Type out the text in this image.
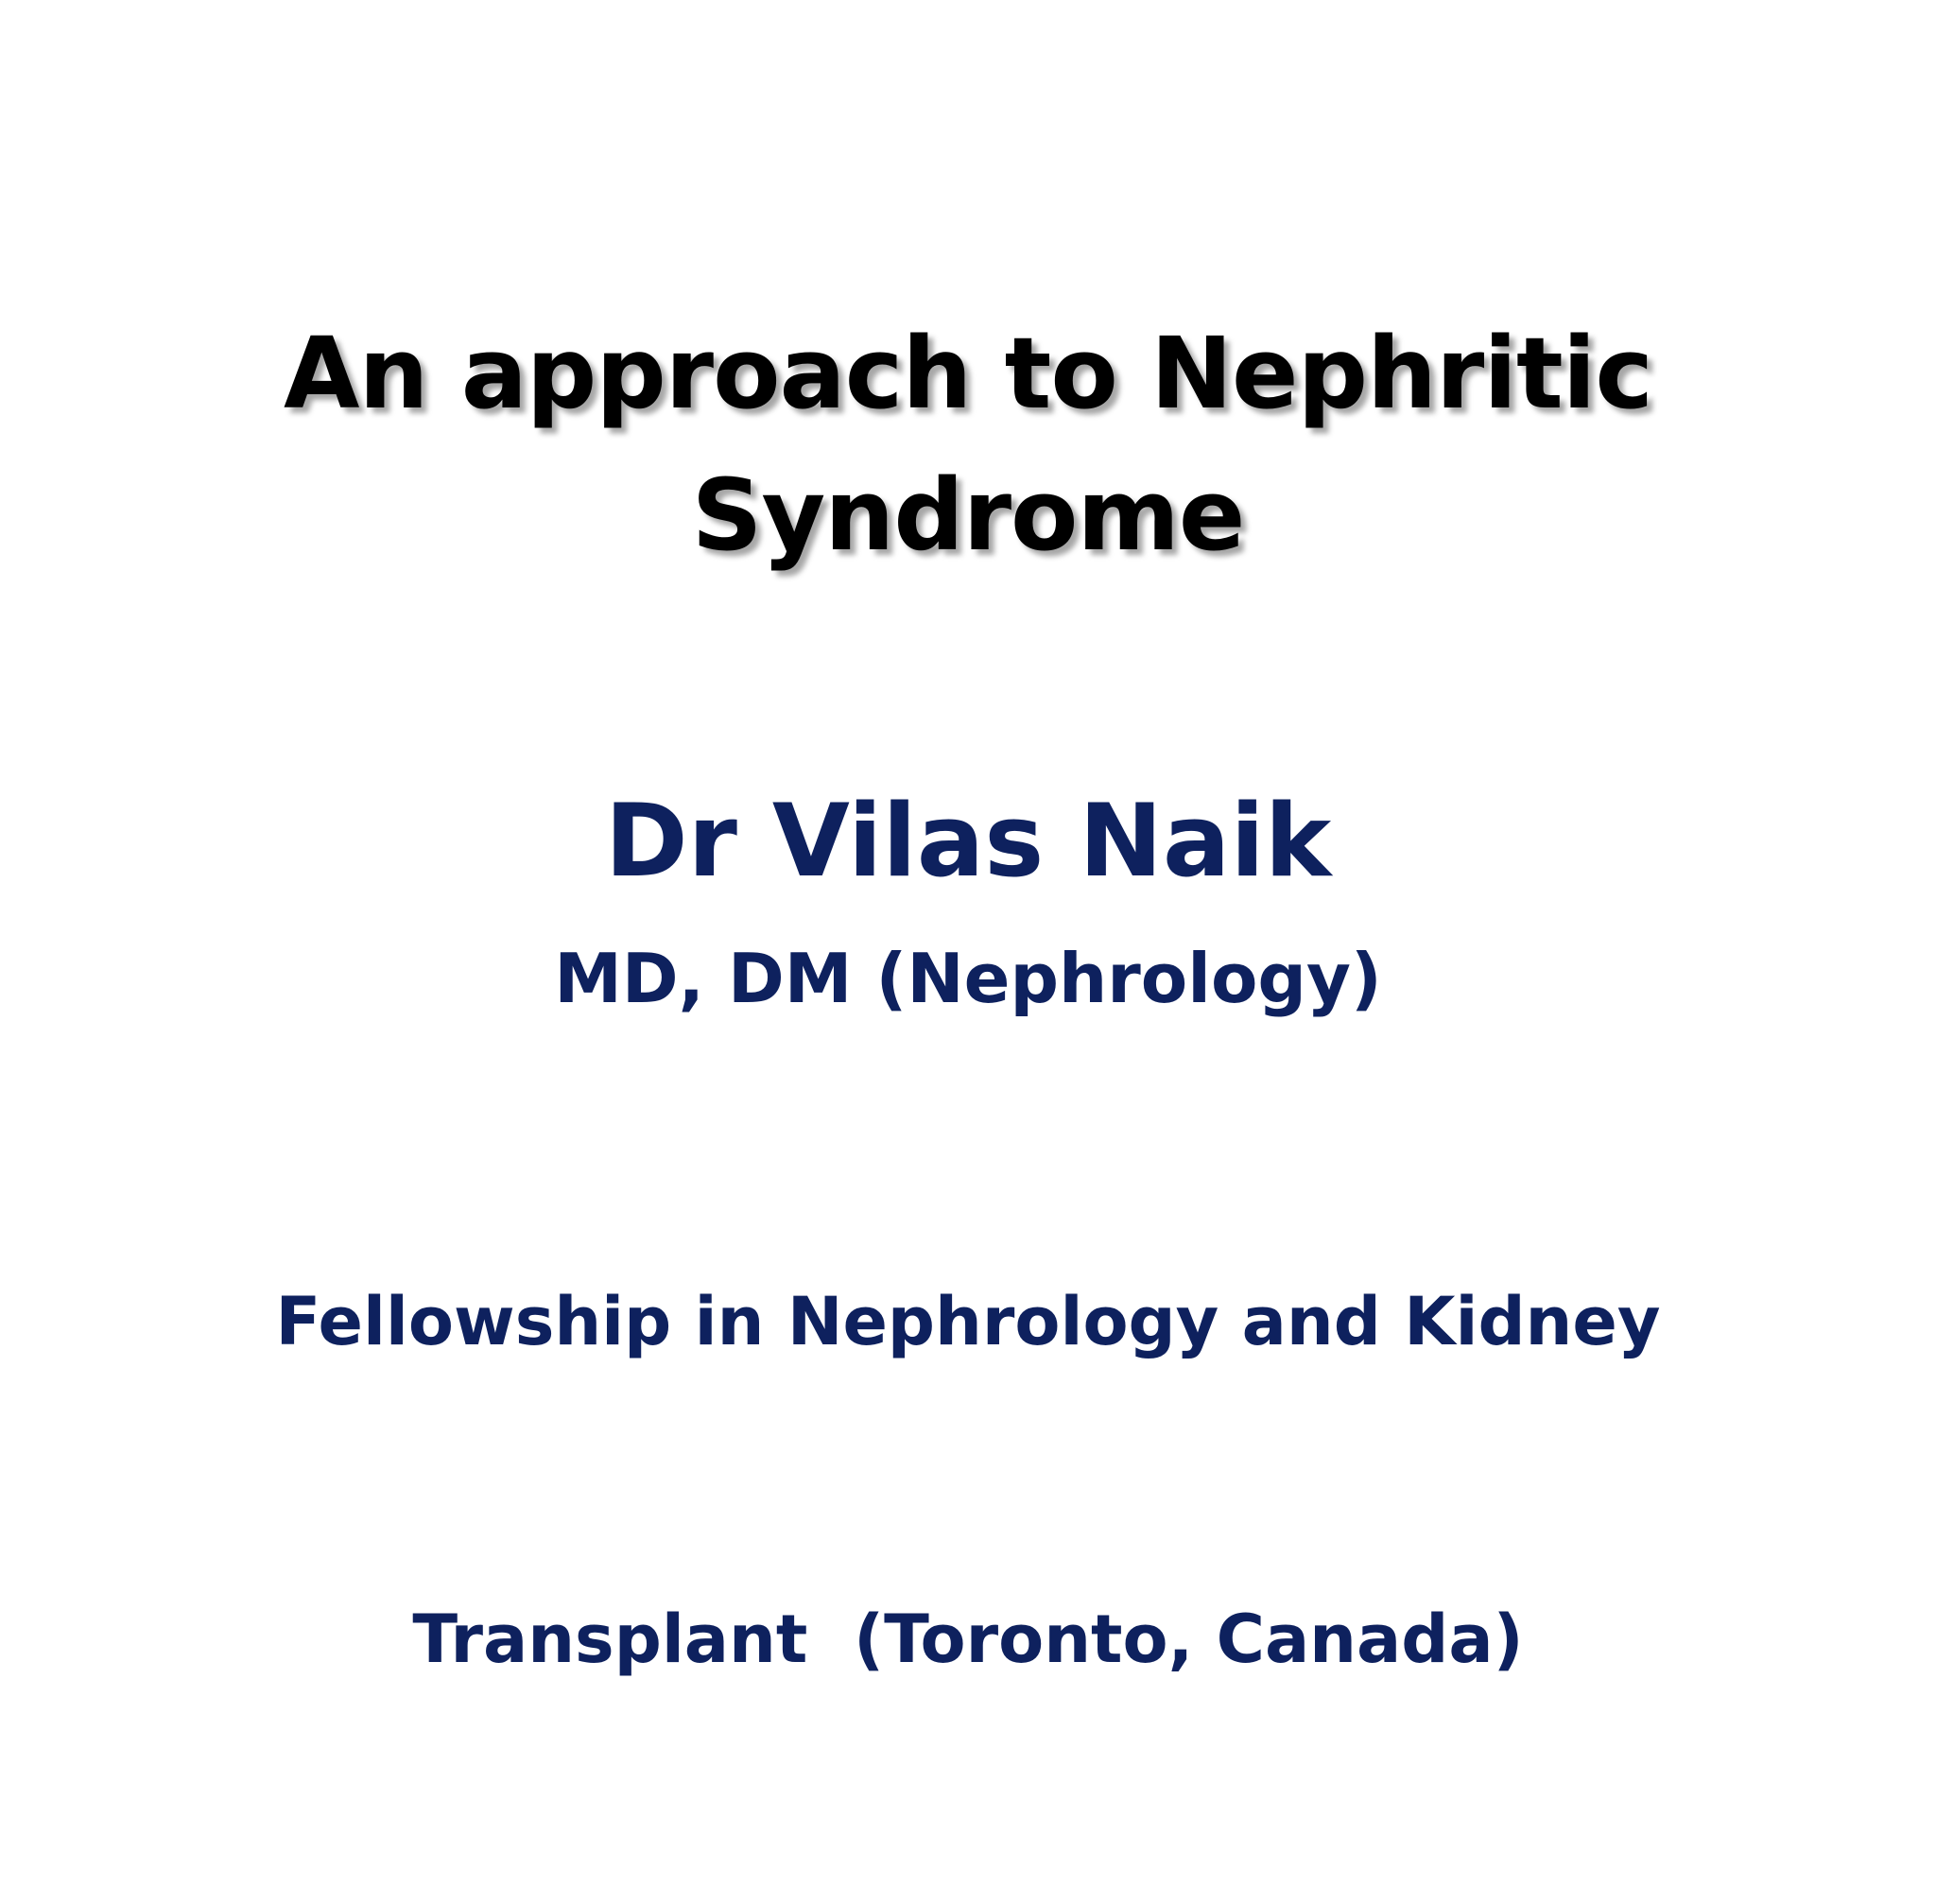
An approach to Nephritic
Syndrome
Dr Vilas Naik
MD, DM (Nephrology)

Fellowship in Nephrology and Kidney

Transplant  (Toronto, Canada)
